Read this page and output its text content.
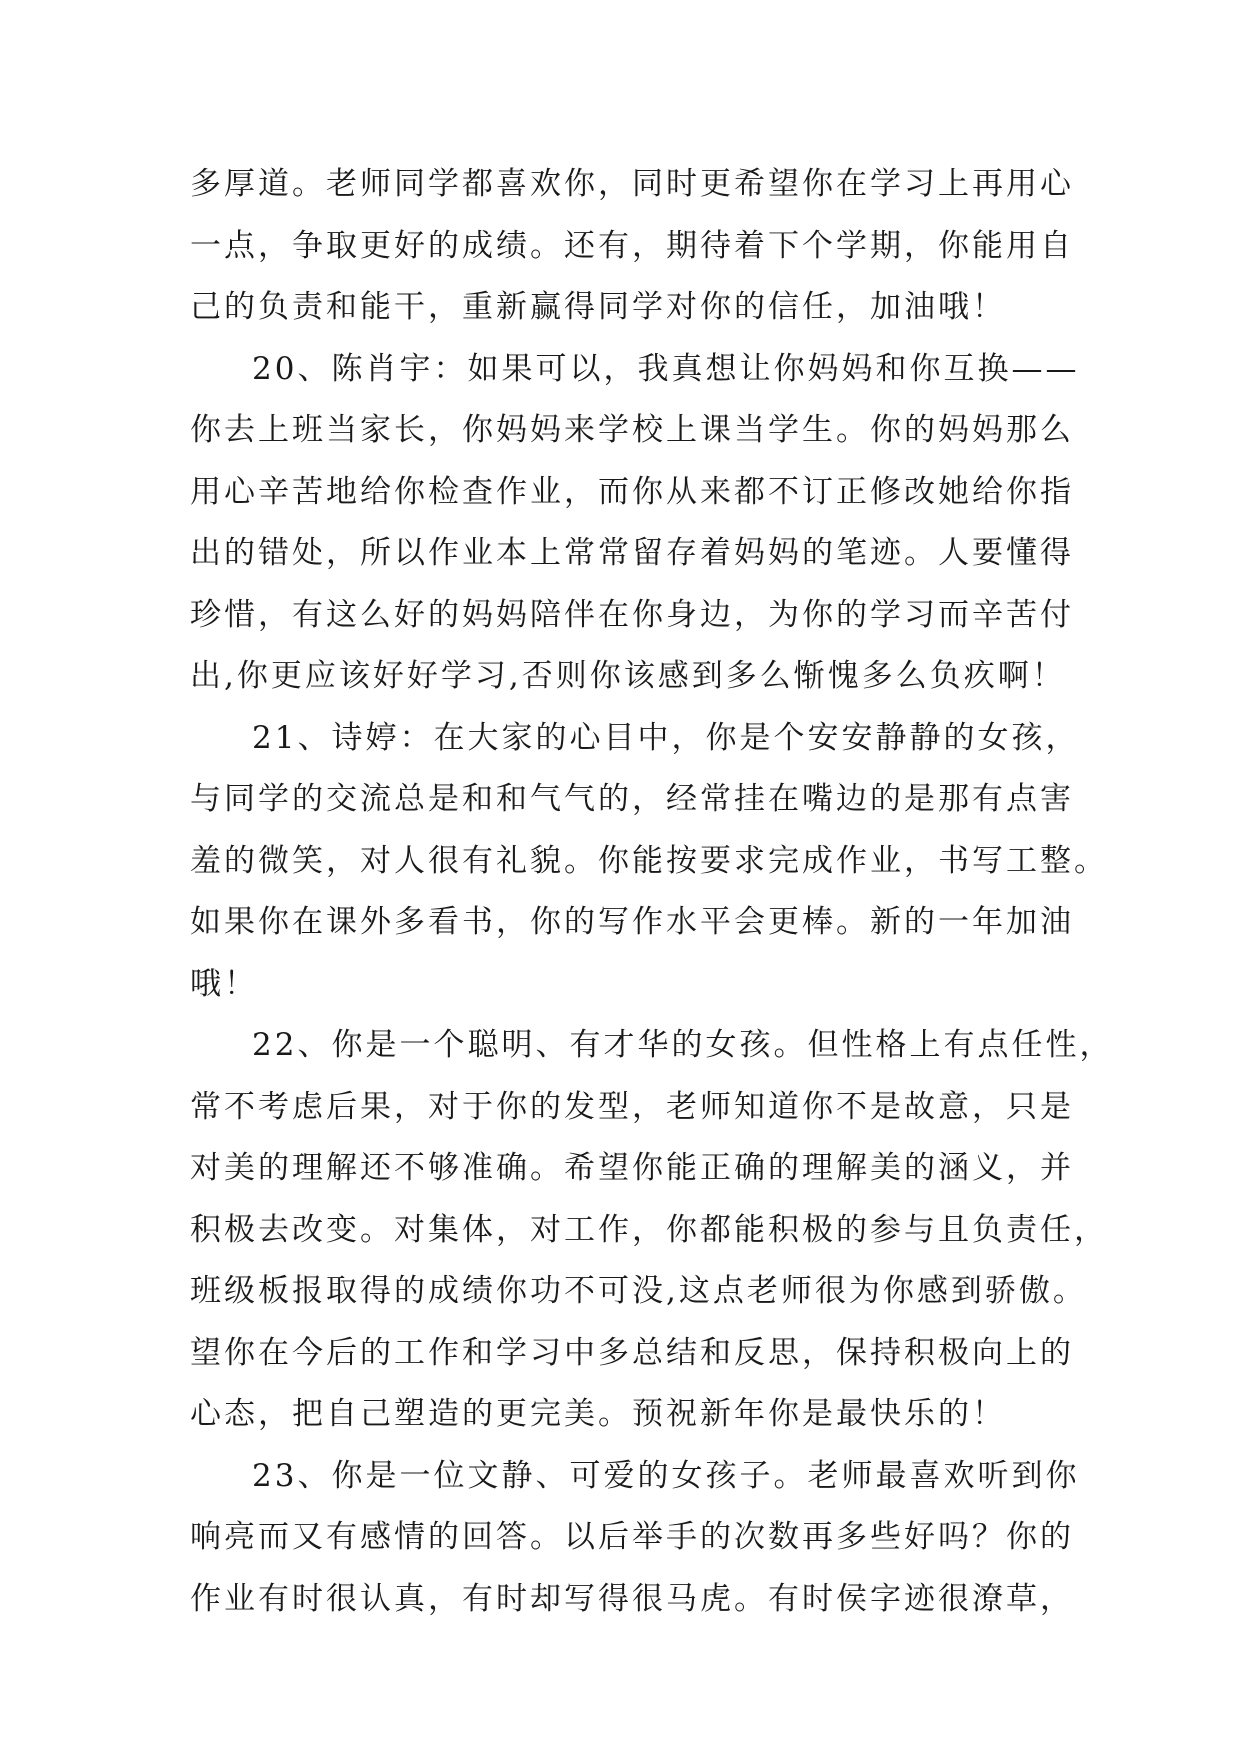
多厚道。老师同学都喜欢你，同时更希望你在学习上再用心
一点，争取更好的成绩。还有，期待着下个学期，你能用自
己的负责和能干，重新赢得同学对你的信任，加油哦！
20、陈肖宇：如果可以，我真想让你妈妈和你互换——
你去上班当家长，你妈妈来学校上课当学生。你的妈妈那么
用心辛苦地给你检查作业，而你从来都不订正修改她给你指
出的错处，所以作业本上常常留存着妈妈的笔迹。人要懂得
珍惜，有这么好的妈妈陪伴在你身边，为你的学习而辛苦付
出,你更应该好好学习,否则你该感到多么惭愧多么负疚啊！
21、诗婷：在大家的心目中，你是个安安静静的女孩，
与同学的交流总是和和气气的，经常挂在嘴边的是那有点害
羞的微笑，对人很有礼貌。你能按要求完成作业，书写工整。
如果你在课外多看书，你的写作水平会更棒。新的一年加油
哦！
22、你是一个聪明、有才华的女孩。但性格上有点任性，
常不考虑后果，对于你的发型，老师知道你不是故意，只是
对美的理解还不够准确。希望你能正确的理解美的涵义，并
积极去改变。对集体，对工作，你都能积极的参与且负责任，
班级板报取得的成绩你功不可没,这点老师很为你感到骄傲。
望你在今后的工作和学习中多总结和反思，保持积极向上的
心态，把自己塑造的更完美。预祝新年你是最快乐的！
23、你是一位文静、可爱的女孩子。老师最喜欢听到你
响亮而又有感情的回答。以后举手的次数再多些好吗？你的
作业有时很认真，有时却写得很马虎。有时侯字迹很潦草，
